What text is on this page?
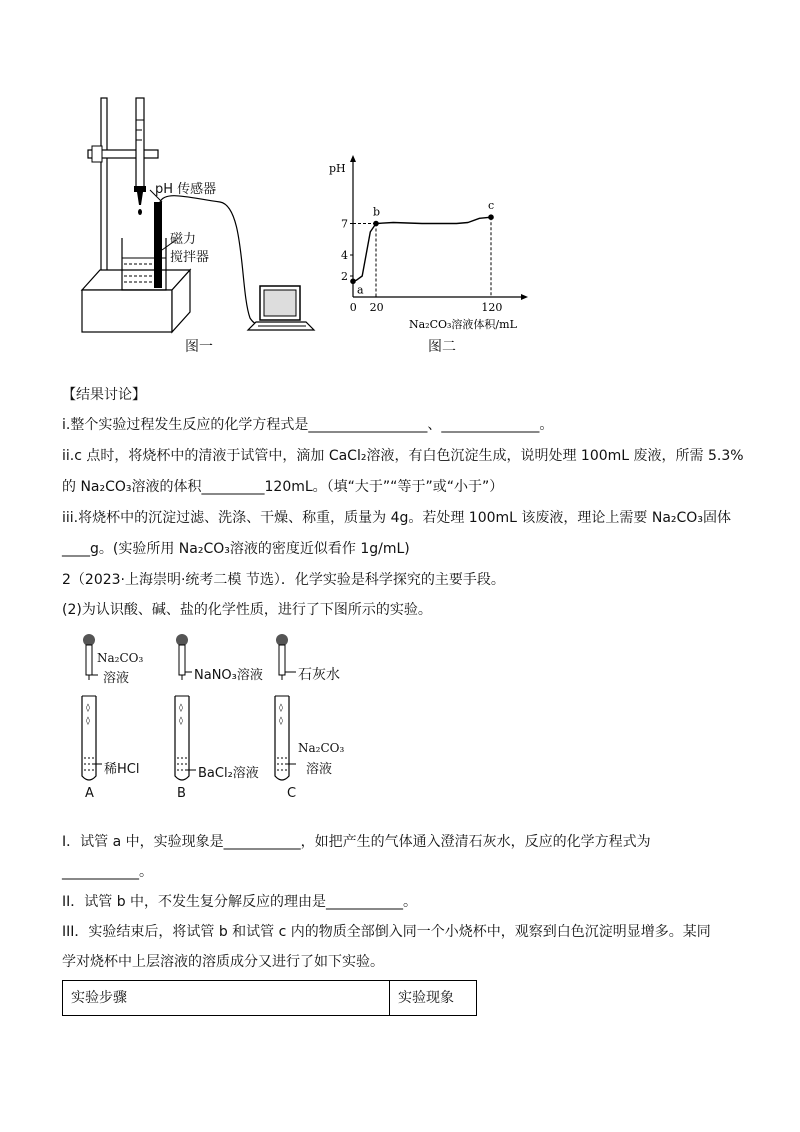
pH 传感器
磁力
搅拌器
图一
pH
Na₂CO₃溶液体积/mL
a
b	c
2
4
7
0 20	120
图二
【结果讨论】
i.整个实验过程发生反应的化学方程式是_________________、______________。
ii.c 点时，将烧杯中的清液于试管中，滴加 CaCl₂溶液，有白色沉淀生成，说明处理 100mL 废液，所需 5.3%
的 Na₂CO₃溶液的体积_________120mL。（填“大于”“等于”或“小于”）
iii.将烧杯中的沉淀过滤、洗涤、干燥、称重，质量为 4g。若处理 100mL 该废液，理论上需要 Na₂CO₃固体
____g。(实验所用 Na₂CO₃溶液的密度近似看作 1g/mL)
2（2023·上海崇明·统考二模 节选）．化学实验是科学探究的主要手段。
(2)为认识酸、碱、盐的化学性质，进行了下图所示的实验。
◊
◊
◊
◊
◊
◊
Na₂CO₃
溶液
稀HCl
A
NaNO₃溶液
BaCl₂溶液
B
石灰水
Na₂CO₃
溶液
C
I．试管 a 中，实验现象是___________，如把产生的气体通入澄清石灰水，反应的化学方程式为
___________。
II．试管 b 中，不发生复分解反应的理由是___________。
III．实验结束后，将试管 b 和试管 c 内的物质全部倒入同一个小烧杯中，观察到白色沉淀明显增多。某同
学对烧杯中上层溶液的溶质成分又进行了如下实验。
实验步骤	实验现象
